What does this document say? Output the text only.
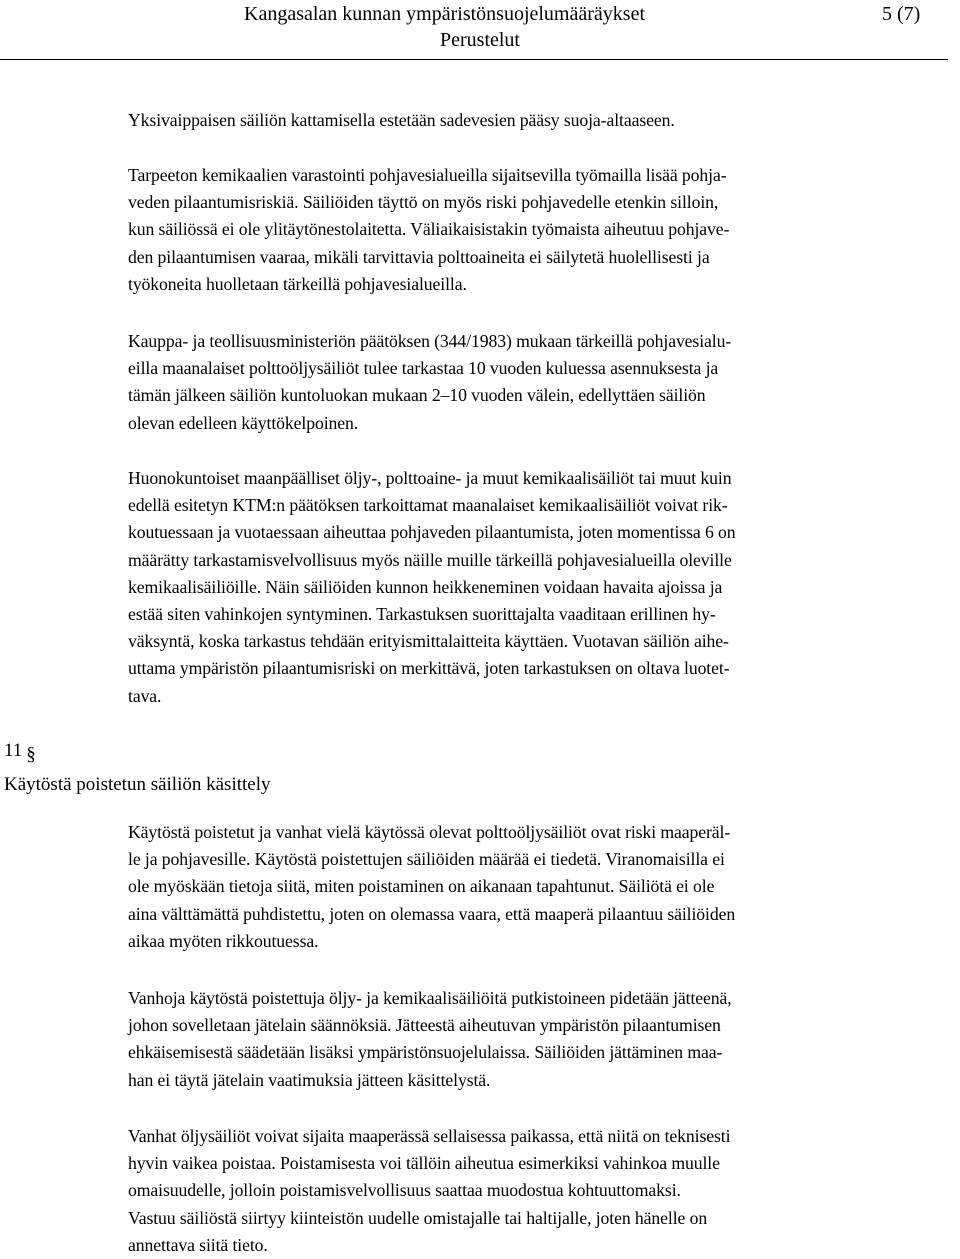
Kangasalan kunnan ympäristönsuojelumääräykset	5 (7)
Perustelut
Yksivaippaisen säiliön kattamisella estetään sadevesien pääsy suoja-altaaseen.
Tarpeeton kemikaalien varastointi pohjavesialueilla sijaitsevilla työmailla lisää pohja-
veden pilaantumisriskiä. Säiliöiden täyttö on myös riski pohjavedelle etenkin silloin,
kun säiliössä ei ole ylitäytönestolaitetta. Väliaikaisistakin työmaista aiheutuu pohjave-
den pilaantumisen vaaraa, mikäli tarvittavia polttoaineita ei säilytetä huolellisesti ja
työkoneita huolletaan tärkeillä pohjavesialueilla.
Kauppa- ja teollisuusministeriön päätöksen (344/1983) mukaan tärkeillä pohjavesialu-
eilla maanalaiset polttoöljysäiliöt tulee tarkastaa 10 vuoden kuluessa asennuksesta ja
tämän jälkeen säiliön kuntoluokan mukaan 2–10 vuoden välein, edellyttäen säiliön
olevan edelleen käyttökelpoinen.
Huonokuntoiset maanpäälliset öljy-, polttoaine- ja muut kemikaalisäiliöt tai muut kuin
edellä esitetyn KTM:n päätöksen tarkoittamat maanalaiset kemikaalisäiliöt voivat rik-
koutuessaan ja vuotaessaan aiheuttaa pohjaveden pilaantumista, joten momentissa 6 on
määrätty tarkastamisvelvollisuus myös näille muille tärkeillä pohjavesialueilla oleville
kemikaalisäiliöille. Näin säiliöiden kunnon heikkeneminen voidaan havaita ajoissa ja
estää siten vahinkojen syntyminen. Tarkastuksen suorittajalta vaaditaan erillinen hy-
väksyntä, koska tarkastus tehdään erityismittalaitteita käyttäen. Vuotavan säiliön aihe-
uttama ympäristön pilaantumisriski on merkittävä, joten tarkastuksen on oltava luotet-
tava.
11 §
Käytöstä poistetun säiliön käsittely
Käytöstä poistetut ja vanhat vielä käytössä olevat polttoöljysäiliöt ovat riski maaperäl-
le ja pohjavesille. Käytöstä poistettujen säiliöiden määrää ei tiedetä. Viranomaisilla ei
ole myöskään tietoja siitä, miten poistaminen on aikanaan tapahtunut. Säiliötä ei ole
aina välttämättä puhdistettu, joten on olemassa vaara, että maaperä pilaantuu säiliöiden
aikaa myöten rikkoutuessa.
Vanhoja käytöstä poistettuja öljy- ja kemikaalisäiliöitä putkistoineen pidetään jätteenä,
johon sovelletaan jätelain säännöksiä. Jätteestä aiheutuvan ympäristön pilaantumisen
ehkäisemisestä säädetään lisäksi ympäristönsuojelulaissa. Säiliöiden jättäminen maa-
han ei täytä jätelain vaatimuksia jätteen käsittelystä.
Vanhat öljysäiliöt voivat sijaita maaperässä sellaisessa paikassa, että niitä on teknisesti
hyvin vaikea poistaa. Poistamisesta voi tällöin aiheutua esimerkiksi vahinkoa muulle
omaisuudelle, jolloin poistamisvelvollisuus saattaa muodostua kohtuuttomaksi.
Vastuu säiliöstä siirtyy kiinteistön uudelle omistajalle tai haltijalle, joten hänelle on
annettava siitä tieto.
